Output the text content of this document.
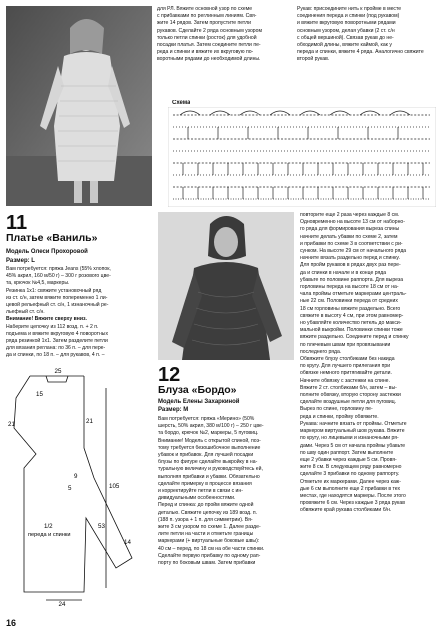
для РЛ. Вяжите основной узор по схеме
с прибавками по реглинным линиям. Свя-
жите 14 рядов. Затем пропустите петли
рукавов. Сделайте 2 ряда основным узором
только петли спинки (росток) для удобной
посадки платья. Затем соедините петли пе-
реда и спинки и вяжите их вкруговую по-
воротными рядами до необходимой длины.
Рукав: присоедините нить к пройме в месте
соединения переда и спинки (под рукавом)
и вяжите вкруговую поворотными рядами
основным узором, делая убавки (2 ст. с/н
с общей вершиной). Связав рукав до не-
обходимой длины, вяжите каймой, как у
переда и спинки, вяжите 4 ряда. Аналогично свяжите
второй рукав.
Схема
11
Платье «Ваниль»
Модель Олеси Прохоровой
Размер: L
Вам потребуется: пряжа Jeans (55% хлопок,
45% акрил, 160 м/50 г) – 300 г розового цве-
та, крючок №4,5, маркеры.
Резинка 1х1: свяжите установочный ряд
из ст. с/н, затем вяжите попеременно 1 ли-
цевой рельефный ст. с/н, 1 изнаночный ре-
льефный ст. с/н.
Внимание! Вяжите сверху вниз.
Наберите цепочку из 112 возд. п. + 2 п.
подъема и вяжите вкруговую 4 поворотных
ряда резинкой 1х1. Затем разделите петли
для вязания реглана: по 36 п. – для пере-
да и спинки, по 18 п. – для рукавов, 4 п. –
25
15
21	21
9
5
1/2
переда и спинки
53
105
24
14
12
Блуза «Бордо»
Модель Елены Захаркиной
Размер: М
Вам потребуется: пряжа «Мерино» (50%
шерсть, 50% акрил, 380 м/100 г) – 250 г цве-
та бордо, крючок №2, маркеры, 5 пуговиц.
Внимание! Модель с открытой спиной, поэ-
тому требуется безошибочное выполнение
убавок и прибавок. Для лучшей посадки
блузы по фигуре сделайте выкройку в на-
туральную величину и руководствуйтесь ей,
выполняя прибавки и убавки. Обязательно
сделайте примерку в процессе вязания
и корректируйте петли в связи с ин-
дивидуальными особенностями.
Перед и спинка: до пройм вяжите одной
деталью. Свяжите цепочку из 189 возд. п.
(188 п. узора + 1 п. для симметрии). Вя-
жите 3 см узором по схеме 1. Далее разде-
лите петли на части и отметьте границы
маркерами (+ виртуальные боковые швы):
40 см – перед, по 18 см на обе части спинки.
Сделайте первую прибавку по одному рап-
порту по боковым швам. Затем прибавки
повторите еще 2 раза через каждые 8 см.
Одновременно на высоте 13 см от наборно-
го ряда для формирования выреза спины
начните делать убавки по схеме 2, затем
и прибавки по схеме 3 в соответствии с ри-
сунком. На высоте 29 см от начального ряда
начните вязать раздельно перед и спинку.
Для пройм рукавов в рядах двух раз пере-
да и спинки в начале и в конце ряда
убавьте по половине раппорта. Для выреза
горловины переда на высоте 18 см от на-
чала проймы отметьте маркерами централь-
ные 22 см. Половинки переда от средних
18 см горловины вяжите раздельно. Всего
свяжите в высоту 4 см, при этом равномер-
но убавляйте количество петель до макси-
мальной выкройки. Половинки спинки тоже
вяжите раздельно. Соедините перед и спинку
по плечевым швам при провязывании
последнего ряда.
Обвяжите блузу столбиками без накида
по кругу. Для лучшего прилегания при
обвязке немного притягивайте детали.
Начните обвязку с застежки на спине.
Вяжите 2 ст. столбиками б/н, затем – вы-
полните обвязку, вторую сторону застежки
сделайте воздушные петли для пуговиц.
Вырез по спине, горловину пе-
реда и спинки, пройму обвяжите.
Рукава: начните вязать от проймы. Отметьте
маркером виртуальный шов рукава. Вяжите
по кругу, но лицевыми и изнаночными ря-
дами. Через 5 см от начала проймы убавьте
по шву один раппорт. Затем выполните
еще 2 убавки через каждые 5 см. Провя-
жите 8 см. В следующем ряду равномерно
сделайте 3 прибавки по одному раппорту.
Отметьте их маркерами. Далее через каж-
дые 6 см выполните еще 2 прибавки в тех
местах, где находятся маркеры. После этого
провяжите 6 см. Через каждые 3 ряда рукав
обвяжите край рукава столбиками б/н.
16
